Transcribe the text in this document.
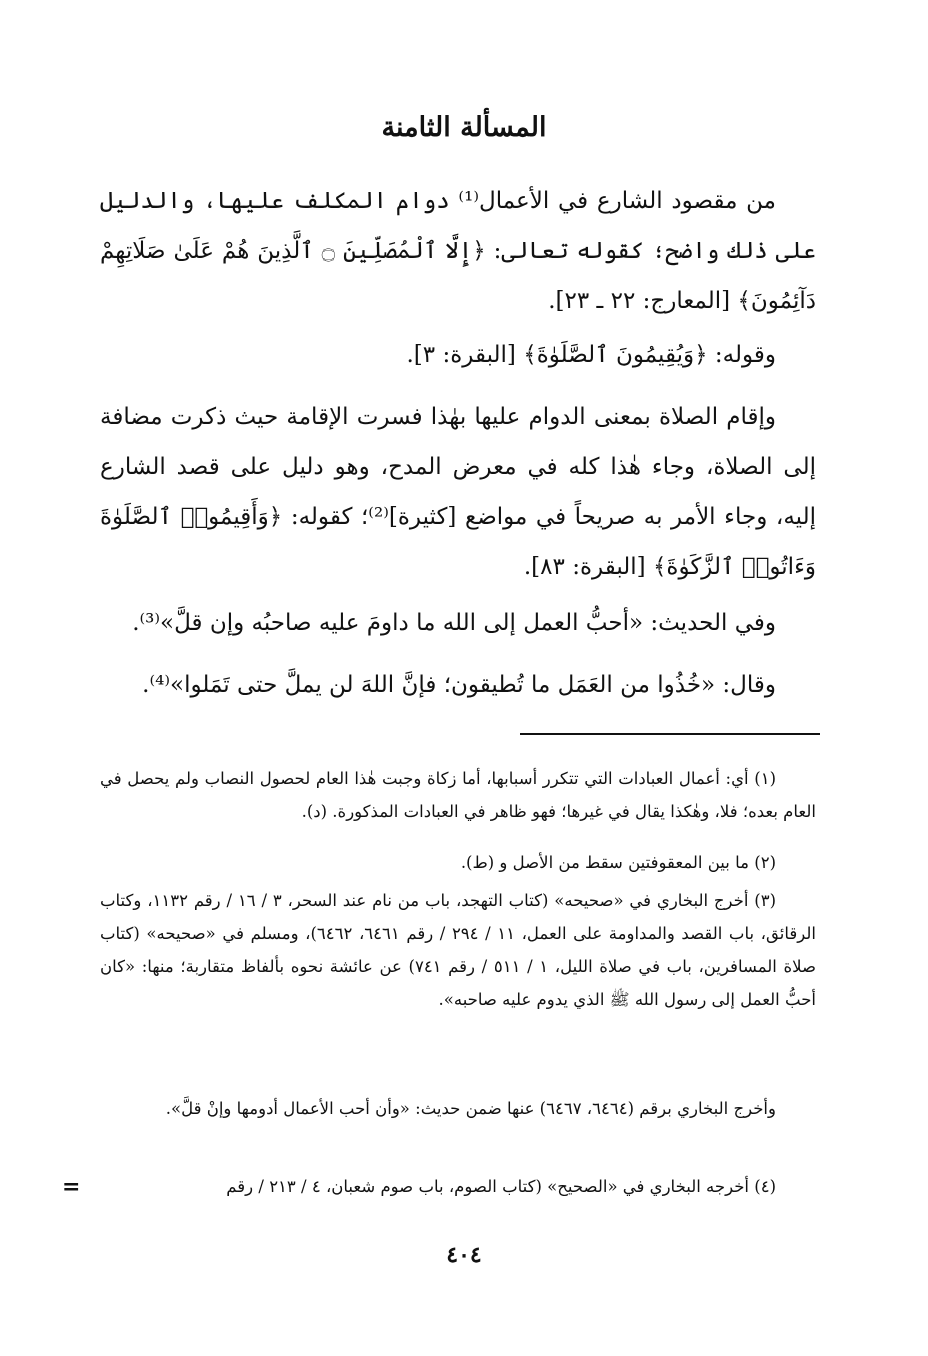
المسألة الثامنة
من مقصود الشارع في الأعمال⁽¹⁾ دوام المكلف عليها، والدليل على ذٰلك واضح؛ كقوله تعالى: ﴿إِلَّا ٱلْمُصَلِّينَ ۝ ٱلَّذِينَ هُمْ عَلَىٰ صَلَاتِهِمْ دَآئِمُونَ﴾ [المعارج: ٢٢ ـ ٢٣].
وقوله: ﴿وَيُقِيمُونَ ٱلصَّلَوٰةَ﴾ [البقرة: ٣].
وإقام الصلاة بمعنى الدوام عليها بهٰذا فسرت الإقامة حيث ذكرت مضافة إلى الصلاة، وجاء هٰذا كله في معرض المدح، وهو دليل على قصد الشارع إليه، وجاء الأمر به صريحاً في مواضع [كثيرة]⁽²⁾؛ كقوله: ﴿وَأَقِيمُوا۟ ٱلصَّلَوٰةَ وَءَاتُوا۟ ٱلزَّكَوٰةَ﴾ [البقرة: ٨٣].
وفي الحديث: «أحبُّ العمل إلى الله ما داومَ عليه صاحبُه وإن قلَّ»⁽³⁾.
وقال: «خُذُوا من العَمَل ما تُطيقون؛ فإنَّ اللهَ لن يملَّ حتى تَمَلوا»⁽⁴⁾.
(١) أي: أعمال العبادات التي تتكرر أسبابها، أما زكاة وجبت هٰذا العام لحصول النصاب ولم يحصل في العام بعده؛ فلا، وهٰكذا يقال في غيرها؛ فهو ظاهر في العبادات المذكورة. (د).
(٢) ما بين المعقوفتين سقط من الأصل و (ط).
(٣) أخرج البخاري في «صحيحه» (كتاب التهجد، باب من نام عند السحر، ٣ / ١٦ / رقم ١١٣٢، وكتاب الرقائق، باب القصد والمداومة على العمل، ١١ / ٢٩٤ / رقم ٦٤٦١، ٦٤٦٢)، ومسلم في «صحيحه» (كتاب صلاة المسافرين، باب في صلاة الليل، ١ / ٥١١ / رقم ٧٤١) عن عائشة نحوه بألفاظ متقاربة؛ منها: «كان أحبُّ العمل إلى رسول الله ﷺ الذي يدوم عليه صاحبه».
وأخرج البخاري برقم (٦٤٦٤، ٦٤٦٧) عنها ضمن حديث: «وأن أحب الأعمال أدومها وإنْ قلَّ».
(٤) أخرجه البخاري في «الصحيح» (كتاب الصوم، باب صوم شعبان، ٤ / ٢١٣ / رقم
=
٤٠٤
